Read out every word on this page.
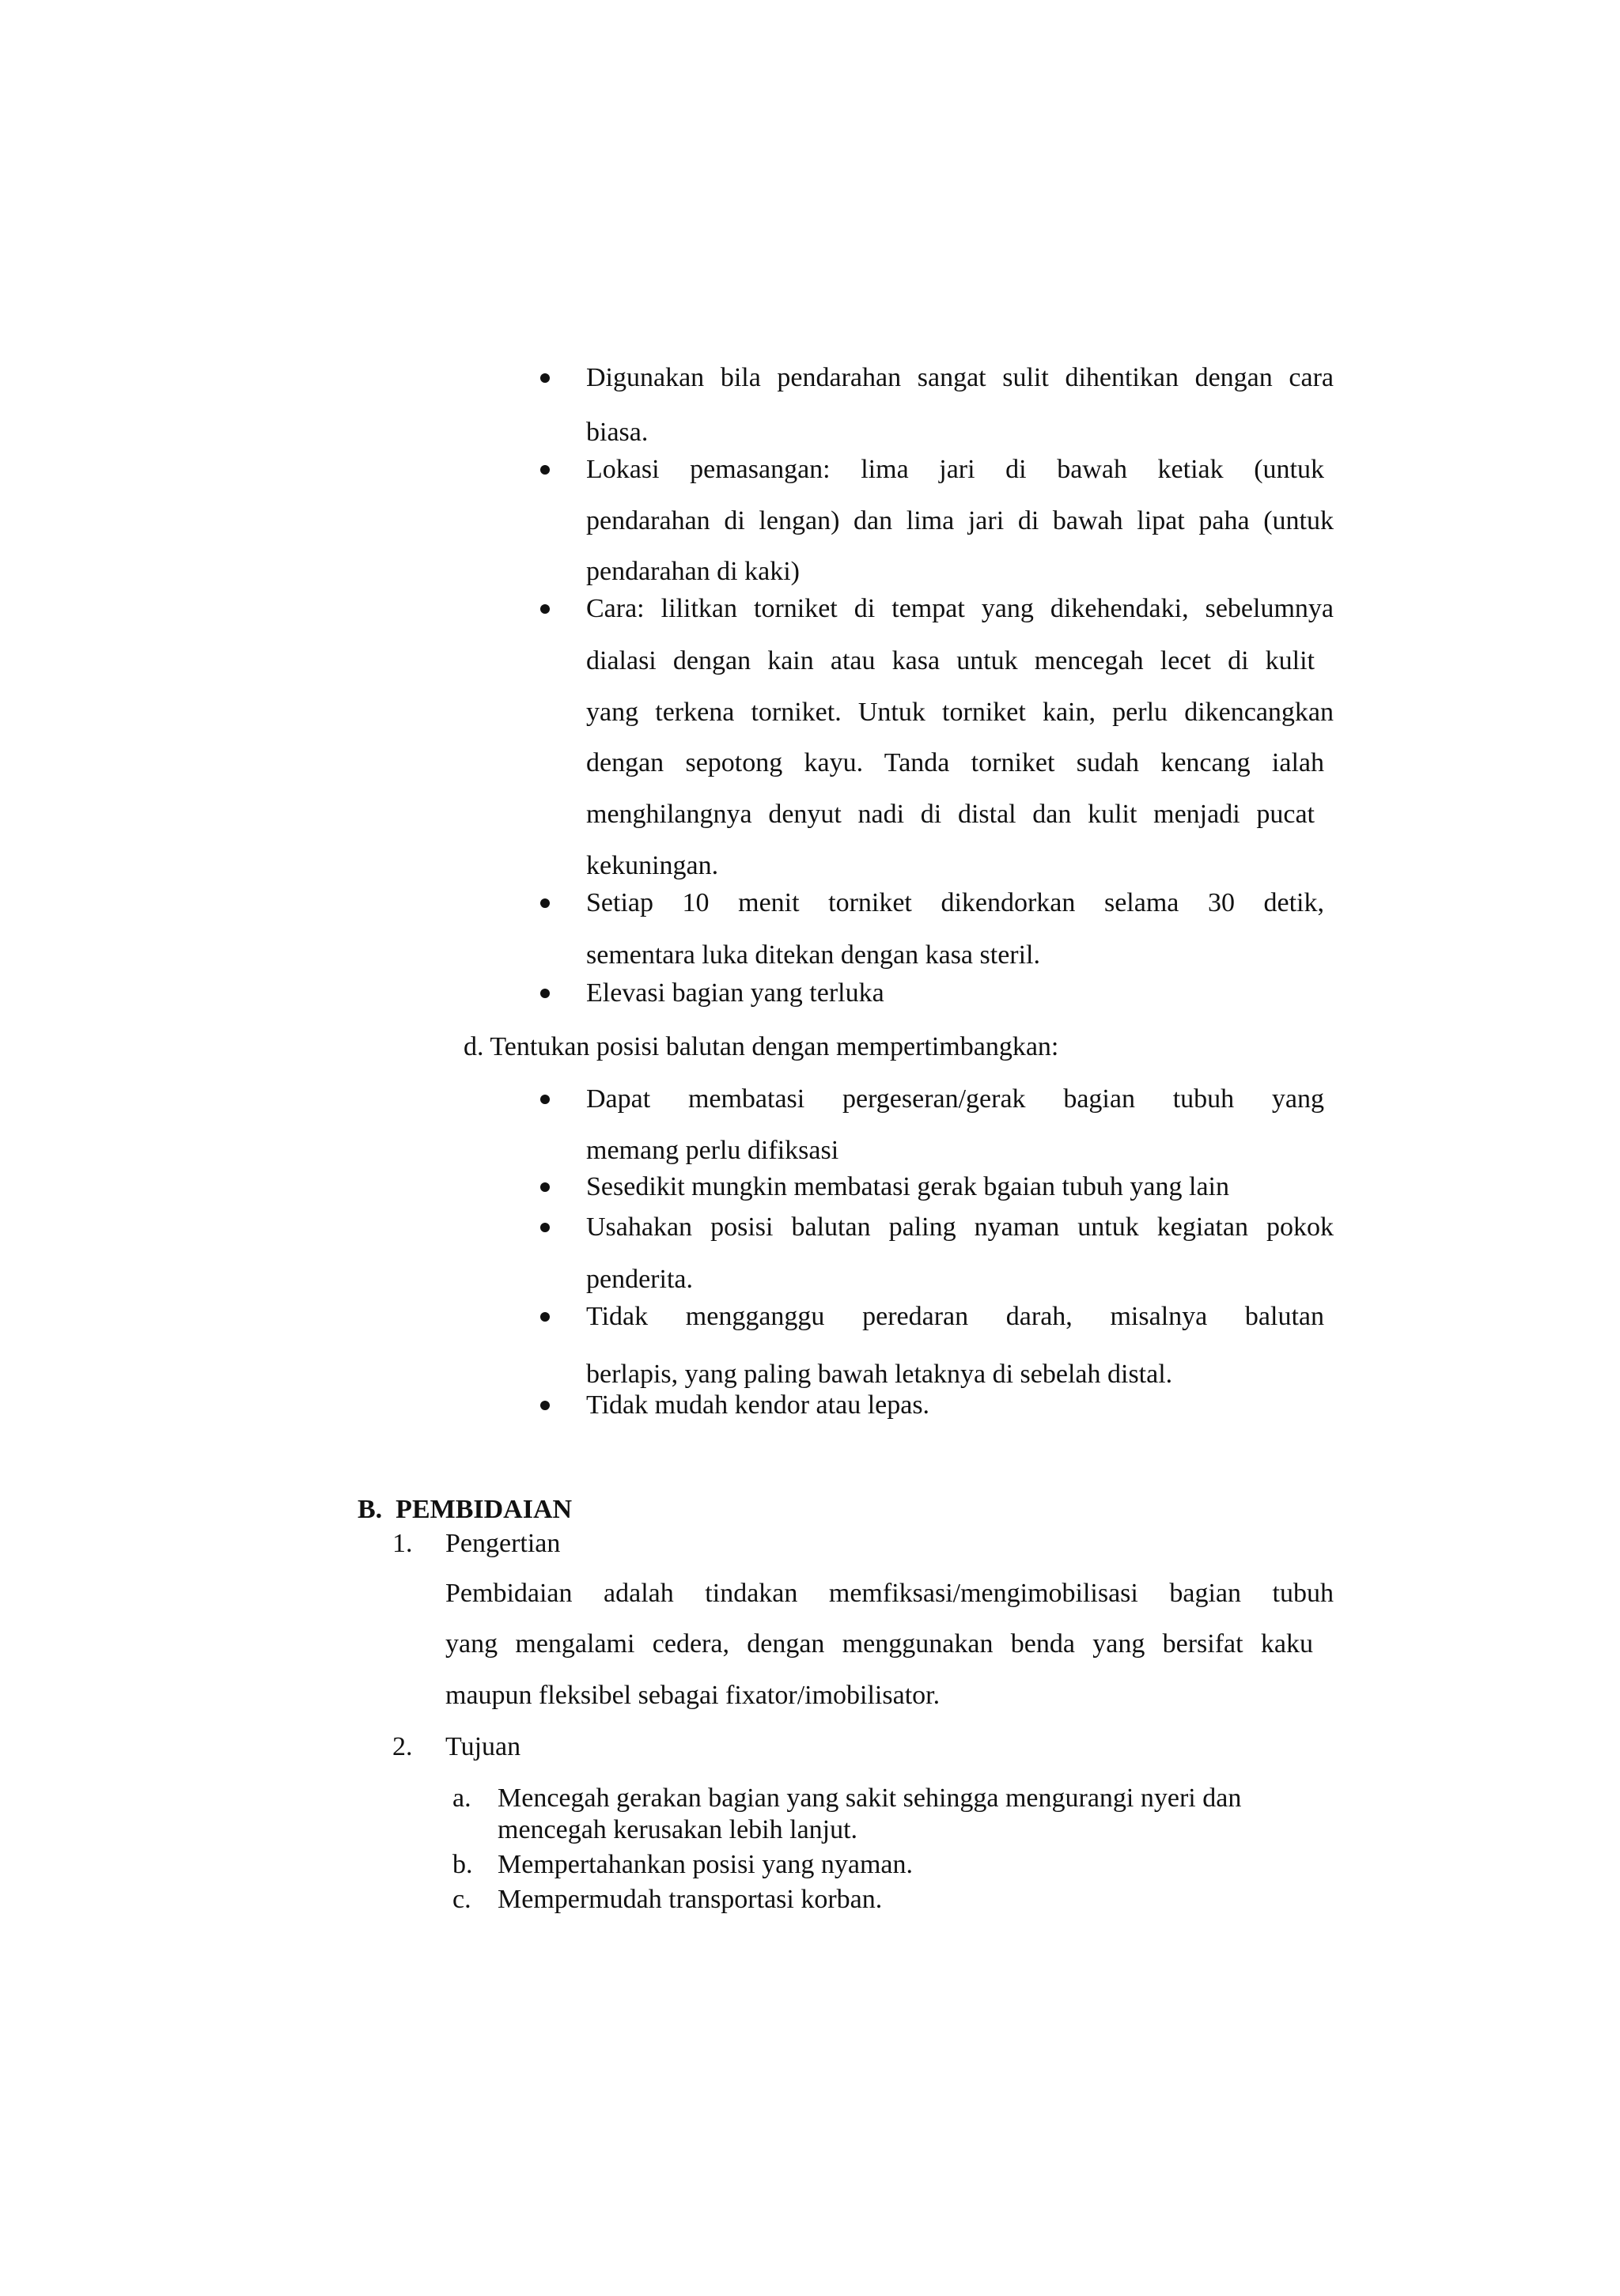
Digunakan bila pendarahan sangat sulit dihentikan dengan cara
biasa.
Lokasi pemasangan: lima jari di bawah ketiak (untuk
pendarahan di lengan) dan lima jari di bawah lipat paha (untuk
pendarahan di kaki)
Cara: lilitkan torniket di tempat yang dikehendaki, sebelumnya
dialasi dengan kain atau kasa untuk mencegah lecet di kulit
yang terkena torniket. Untuk torniket kain, perlu dikencangkan
dengan sepotong kayu. Tanda torniket sudah kencang ialah
menghilangnya denyut nadi di distal dan kulit menjadi pucat
kekuningan.
Setiap 10 menit torniket dikendorkan selama 30 detik,
sementara luka ditekan dengan kasa steril.
Elevasi bagian yang terluka
d. Tentukan posisi balutan dengan mempertimbangkan:
Dapat membatasi pergeseran/gerak bagian tubuh yang
memang perlu difiksasi
Sesedikit mungkin membatasi gerak bgaian tubuh yang lain
Usahakan posisi balutan paling nyaman untuk kegiatan pokok
penderita.
Tidak mengganggu peredaran darah, misalnya balutan
berlapis, yang paling bawah letaknya di sebelah distal.
Tidak mudah kendor atau lepas.
B.  PEMBIDAIAN
1. Pengertian
Pembidaian adalah tindakan memfiksasi/mengimobilisasi bagian tubuh
yang mengalami cedera, dengan menggunakan benda yang bersifat kaku
maupun fleksibel sebagai fixator/imobilisator.
2. Tujuan
a. Mencegah gerakan bagian yang sakit sehingga mengurangi nyeri dan
mencegah kerusakan lebih lanjut.
b. Mempertahankan posisi yang nyaman.
c. Mempermudah transportasi korban.
